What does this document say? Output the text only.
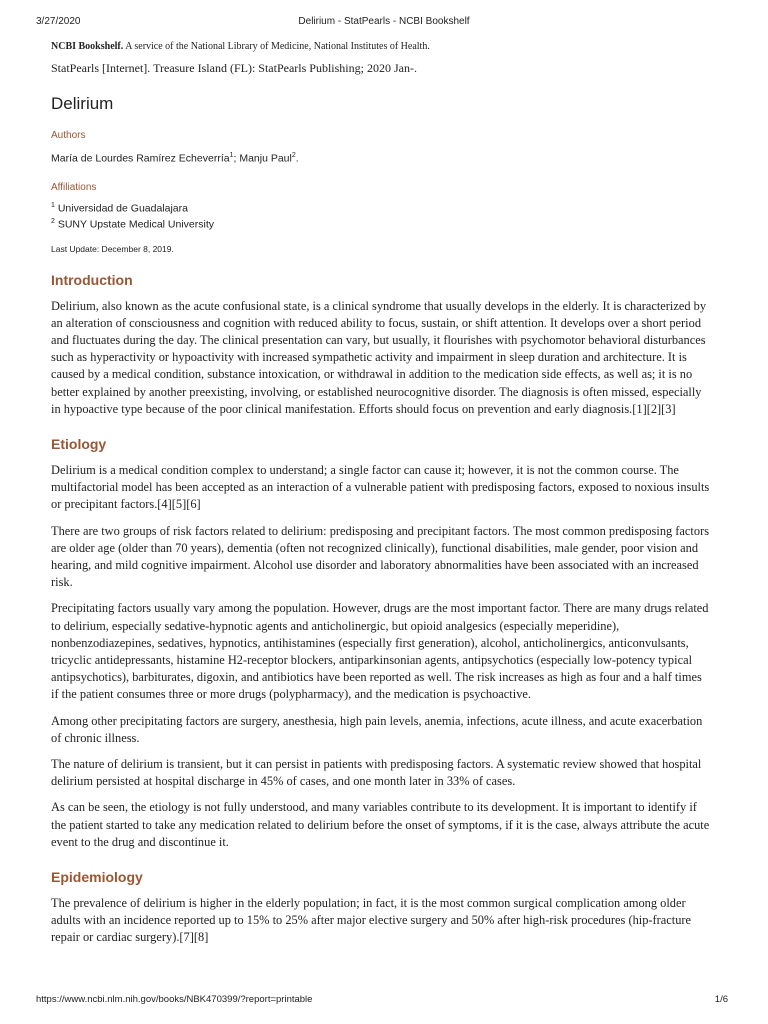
3/27/2020	Delirium - StatPearls - NCBI Bookshelf
NCBI Bookshelf. A service of the National Library of Medicine, National Institutes of Health.
StatPearls [Internet]. Treasure Island (FL): StatPearls Publishing; 2020 Jan-.
Delirium
Authors
María de Lourdes Ramírez Echeverría$^1$; Manju Paul$^2$.
Affiliations
$^1$ Universidad de Guadalajara
$^2$ SUNY Upstate Medical University
Last Update: December 8, 2019.
Introduction

Delirium, also known as the acute confusional state, is a clinical syndrome that usually develops in the elderly. It is characterized by an alteration of consciousness and cognition with reduced ability to focus, sustain, or shift attention. It develops over a short period and fluctuates during the day. The clinical presentation can vary, but usually, it flourishes with psychomotor behavioral disturbances such as hyperactivity or hypoactivity with increased sympathetic activity and impairment in sleep duration and architecture. It is caused by a medical condition, substance intoxication, or withdrawal in addition to the medication side effects, as well as; it is no better explained by another preexisting, involving, or established neurocognitive disorder. The diagnosis is often missed, especially in hypoactive type because of the poor clinical manifestation. Efforts should focus on prevention and early diagnosis.[1][2][3]

Etiology

Delirium is a medical condition complex to understand; a single factor can cause it; however, it is not the common course. The multifactorial model has been accepted as an interaction of a vulnerable patient with predisposing factors, exposed to noxious insults or precipitant factors.[4][5][6]

There are two groups of risk factors related to delirium: predisposing and precipitant factors. The most common predisposing factors are older age (older than 70 years), dementia (often not recognized clinically), functional disabilities, male gender, poor vision and hearing, and mild cognitive impairment. Alcohol use disorder and laboratory abnormalities have been associated with an increased risk.

Precipitating factors usually vary among the population. However, drugs are the most important factor. There are many drugs related to delirium, especially sedative-hypnotic agents and anticholinergic, but opioid analgesics (especially meperidine), nonbenzodiazepines, sedatives, hypnotics, antihistamines (especially first generation), alcohol, anticholinergics, anticonvulsants, tricyclic antidepressants, histamine H2-receptor blockers, antiparkinsonian agents, antipsychotics (especially low-potency typical antipsychotics), barbiturates, digoxin, and antibiotics have been reported as well. The risk increases as high as four and a half times if the patient consumes three or more drugs (polypharmacy), and the medication is psychoactive.

Among other precipitating factors are surgery, anesthesia, high pain levels, anemia, infections, acute illness, and acute exacerbation of chronic illness.

The nature of delirium is transient, but it can persist in patients with predisposing factors. A systematic review showed that hospital delirium persisted at hospital discharge in 45% of cases, and one month later in 33% of cases.

As can be seen, the etiology is not fully understood, and many variables contribute to its development. It is important to identify if the patient started to take any medication related to delirium before the onset of symptoms, if it is the case, always attribute the acute event to the drug and discontinue it.

Epidemiology

The prevalence of delirium is higher in the elderly population; in fact, it is the most common surgical complication among older adults with an incidence reported up to 15% to 25% after major elective surgery and 50% after high-risk procedures (hip-fracture repair or cardiac surgery).[7][8]

https://www.ncbi.nlm.nih.gov/books/NBK470399/?report=printable	1/6
